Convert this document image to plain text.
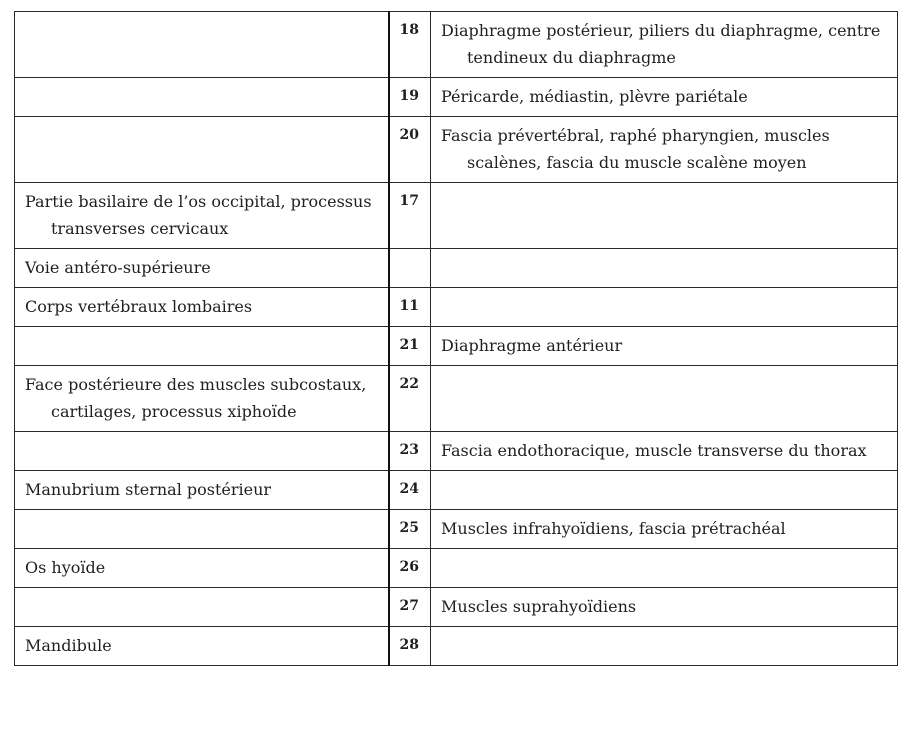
	18	Diaphragme postérieur, piliers du diaphragme, centre tendineux du diaphragme
	19	Péricarde, médiastin, plèvre pariétale
	20	Fascia prévertébral, raphé pharyngien, muscles scalènes, fascia du muscle scalène moyen
Partie basilaire de l’os occipital, processus transverses cervicaux	17	
Voie antéro-supérieure		
Corps vertébraux lombaires	11	
	21	Diaphragme antérieur
Face postérieure des muscles subcostaux, cartilages, processus xiphoïde	22	
	23	Fascia endothoracique, muscle transverse du thorax
Manubrium sternal postérieur	24	
	25	Muscles infrahyoïdiens, fascia prétrachéal
Os hyoïde	26	
	27	Muscles suprahyoïdiens
Mandibule	28	
